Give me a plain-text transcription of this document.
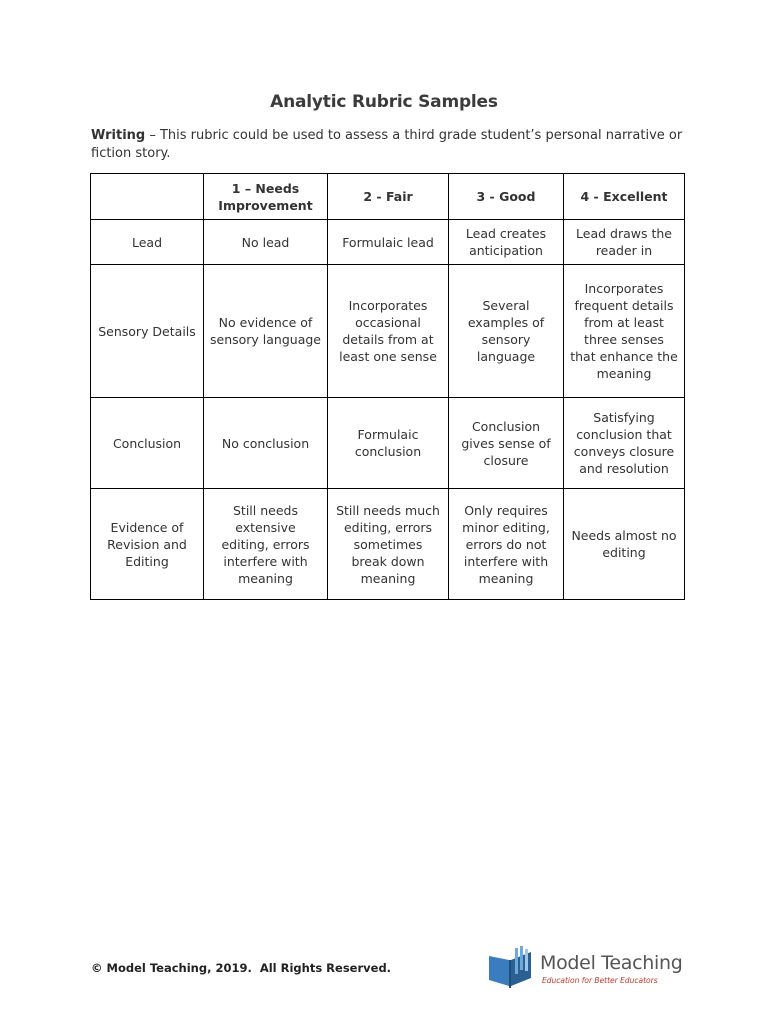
Analytic Rubric Samples
Writing – This rubric could be used to assess a third grade student’s personal narrative or fiction story.
	1 – Needs Improvement	2 - Fair	3 - Good	4 - Excellent
Lead	No lead	Formulaic lead	Lead creates anticipation	Lead draws the reader in
Sensory Details	No evidence of sensory language	Incorporates occasional details from at least one sense	Several examples of sensory language	Incorporates frequent details from at least three senses that enhance the meaning
Conclusion	No conclusion	Formulaic conclusion	Conclusion gives sense of closure	Satisfying conclusion that conveys closure and resolution
Evidence of Revision and Editing	Still needs extensive editing, errors interfere with meaning	Still needs much editing, errors sometimes break down meaning	Only requires minor editing, errors do not interfere with meaning	Needs almost no editing
© Model Teaching, 2019.  All Rights Reserved.	Model Teaching
Education for Better Educators
